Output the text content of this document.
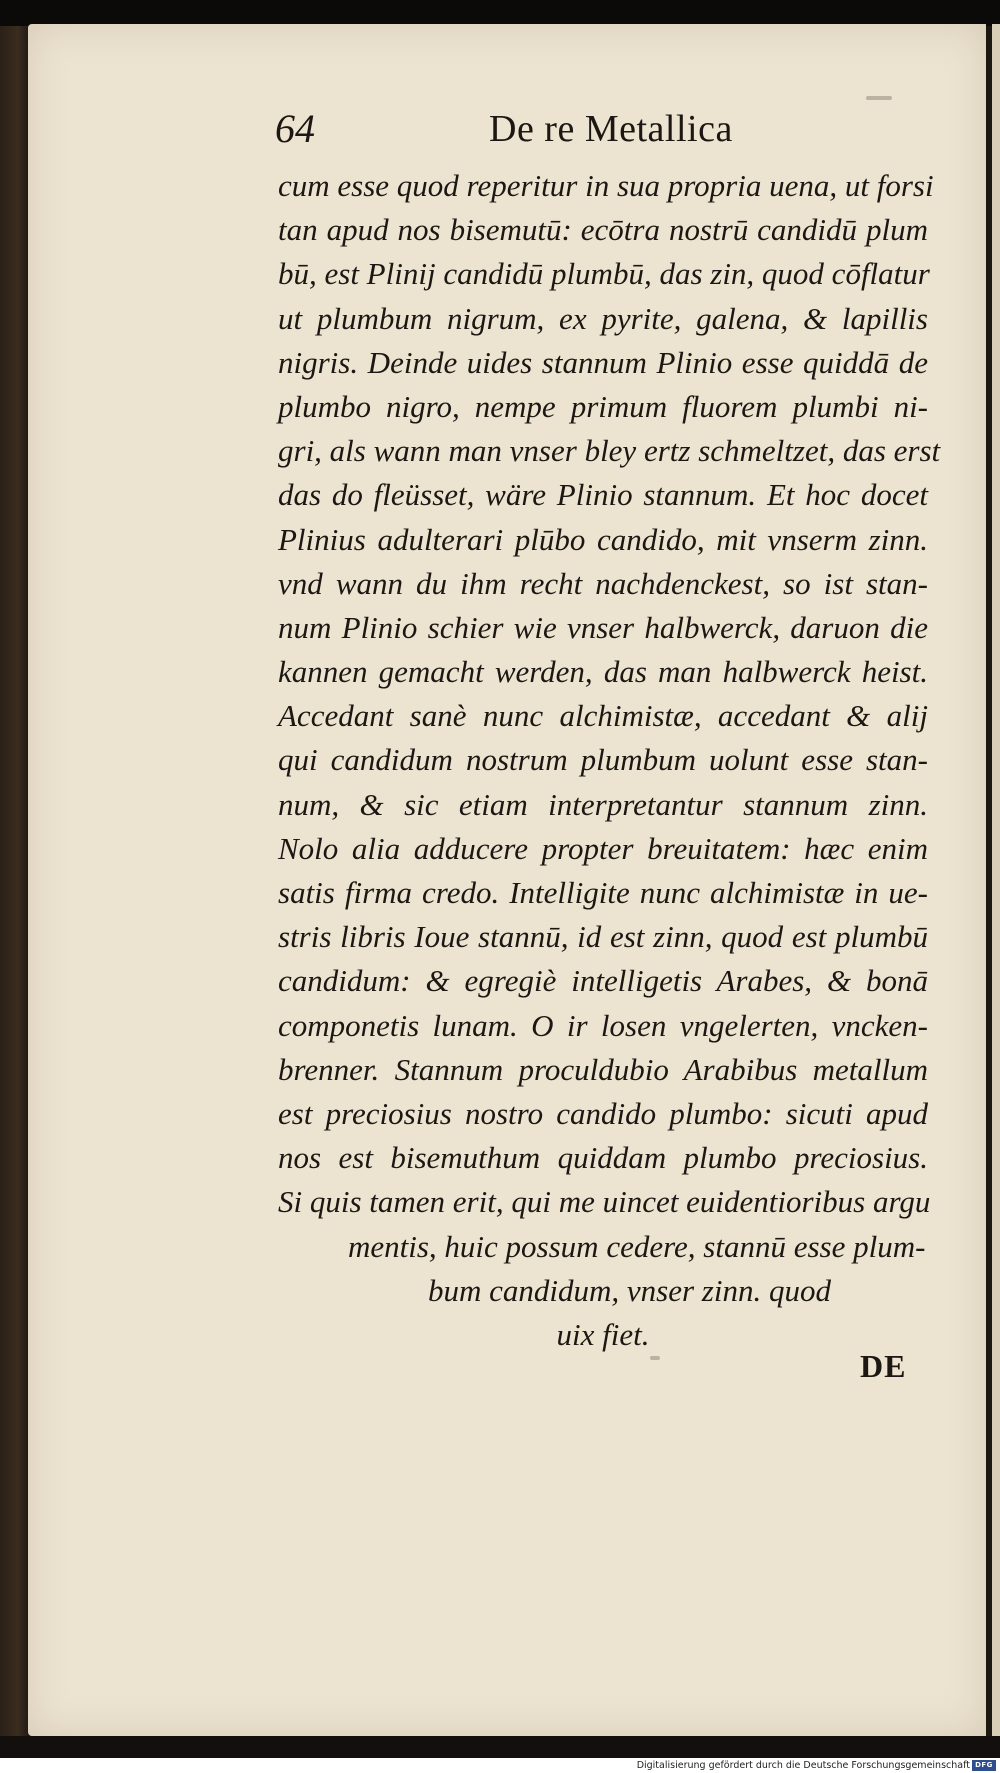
64	De re Metallica
cum esse quod reperitur in sua propria uena, ut forsi
tan apud nos bisemutū: ecōtra nostrū candidū plum
bū, est Plinij candidū plumbū, das zin, quod cōflatur
ut plumbum nigrum, ex pyrite, galena, & lapillis
nigris. Deinde uides stannum Plinio esse quiddā de
plumbo nigro, nempe primum fluorem plumbi ni-
gri, als wann man vnser bley ertz schmeltzet, das erst
das do fleüsset, wäre Plinio stannum. Et hoc docet
Plinius adulterari plūbo candido, mit vnserm zinn.
vnd wann du ihm recht nachdenckest, so ist stan-
num Plinio schier wie vnser halbwerck, daruon die
kannen gemacht werden, das man halbwerck heist.
Accedant sanè nunc alchimistæ, accedant & alij
qui candidum nostrum plumbum uolunt esse stan-
num, & sic etiam interpretantur stannum zinn.
Nolo alia adducere propter breuitatem: hæc enim
satis firma credo. Intelligite nunc alchimistæ in ue-
stris libris Ioue stannū, id est zinn, quod est plumbū
candidum: & egregiè intelligetis Arabes, & bonā
componetis lunam. O ir losen vngelerten, vncken-
brenner. Stannum proculdubio Arabibus metallum
est preciosius nostro candido plumbo: sicuti apud
nos est bisemuthum quiddam plumbo preciosius.
Si quis tamen erit, qui me uincet euidentioribus argu
mentis, huic possum cedere, stannū esse plum-
bum candidum, vnser zinn. quod
uix fiet.
DE
Digitalisierung gefördert durch die Deutsche Forschungsgemeinschaft DFG
